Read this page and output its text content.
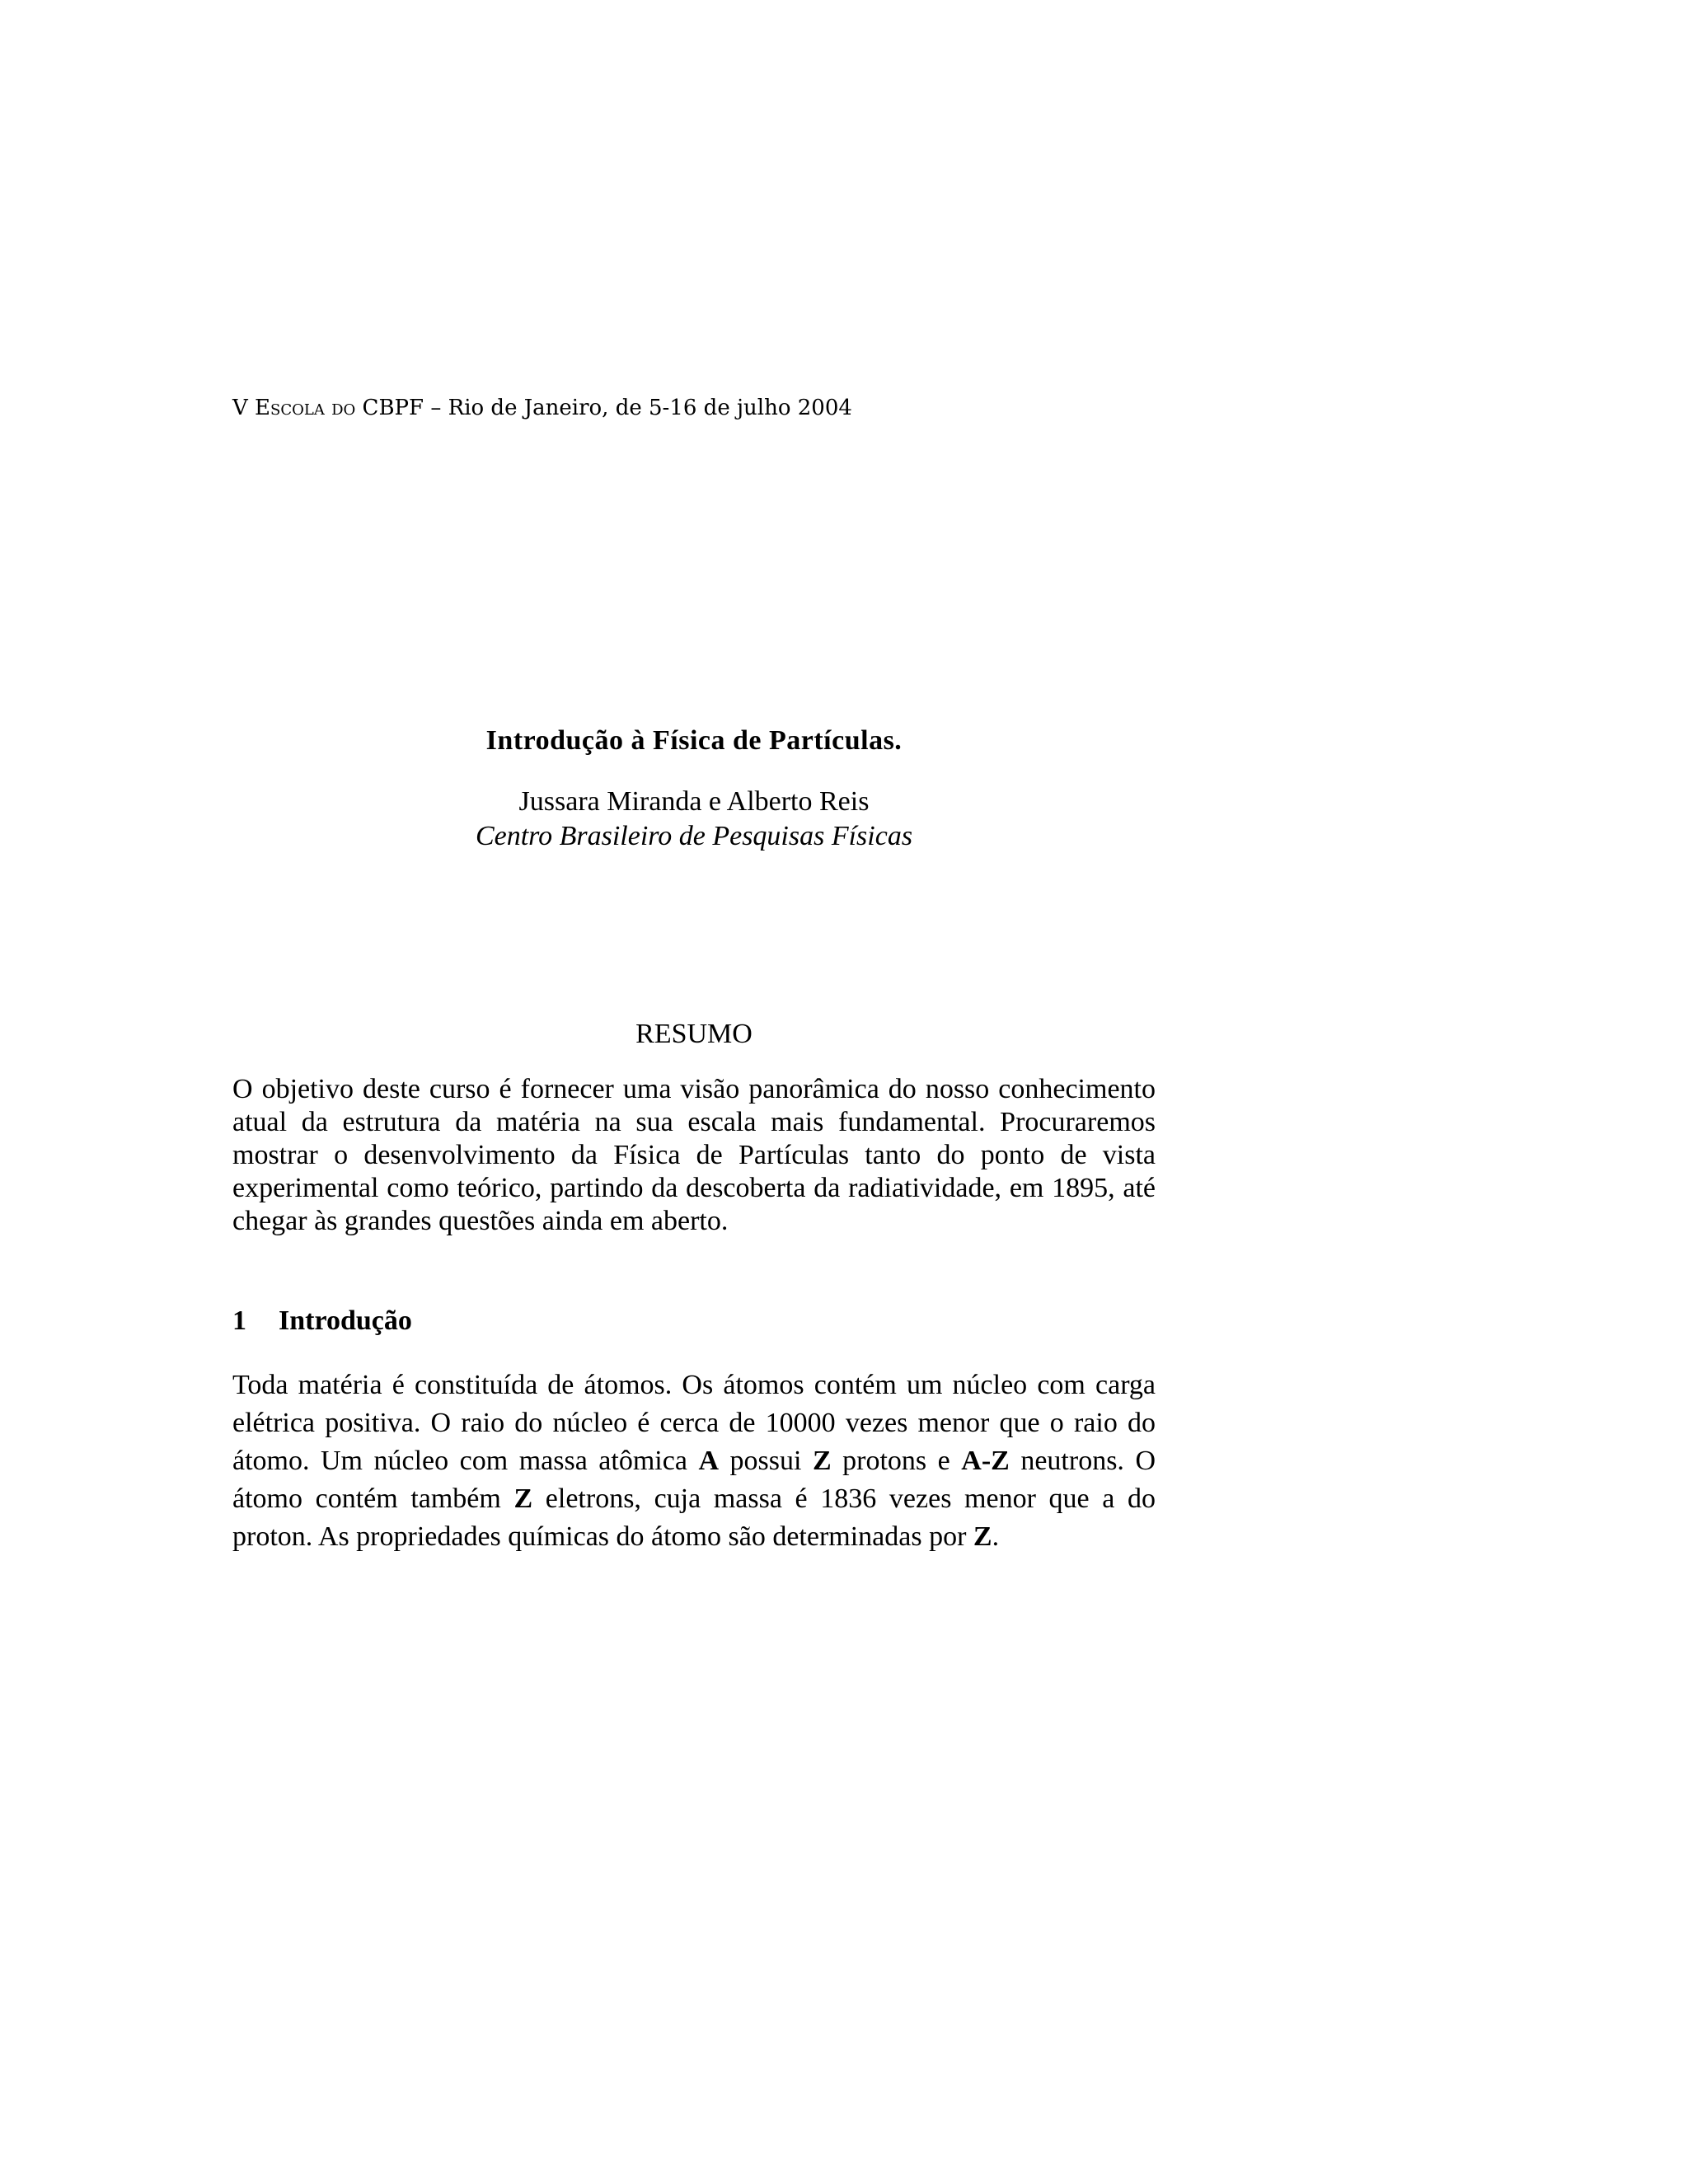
V Escola do CBPF – Rio de Janeiro, de 5-16 de julho 2004

Introdução à Física de Partículas.

Jussara Miranda e Alberto Reis

Centro Brasileiro de Pesquisas Físicas

RESUMO

O objetivo deste curso é fornecer uma visão panorâmica do nosso conhecimento atual da estrutura da matéria na sua escala mais fundamental. Procuraremos mostrar o desenvolvimento da Física de Partículas tanto do ponto de vista experimental como teórico, partindo da descoberta da radiatividade, em 1895, até chegar às grandes questões ainda em aberto.

1 Introdução

Toda matéria é constituída de átomos. Os átomos contém um núcleo com carga elétrica positiva. O raio do núcleo é cerca de 10000 vezes menor que o raio do átomo. Um núcleo com massa atômica A possui Z protons e A-Z neutrons. O átomo contém também Z eletrons, cuja massa é 1836 vezes menor que a do proton. As propriedades químicas do átomo são determinadas por Z.
